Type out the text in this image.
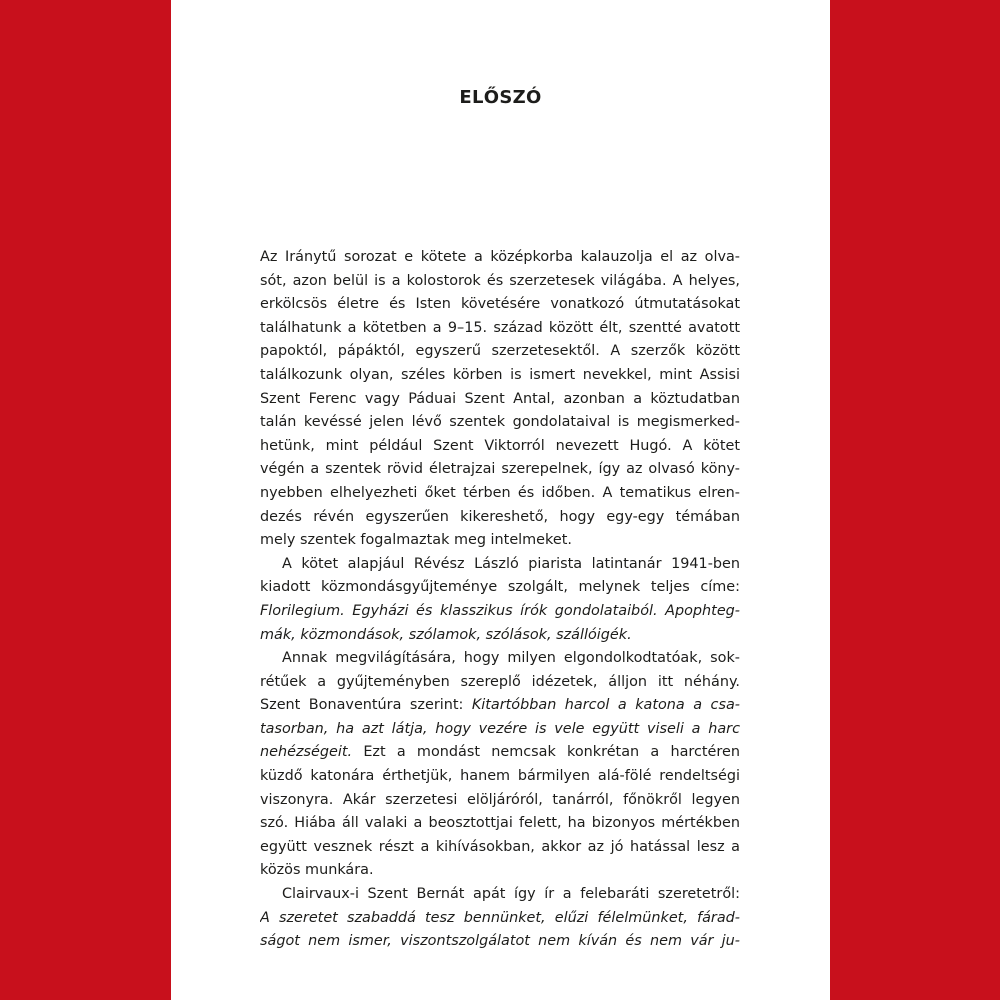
ELŐSZÓ
Az Iránytű sorozat e kötete a középkorba kalauzolja el az olva-
sót, azon belül is a kolostorok és szerzetesek világába. A helyes,
erkölcsös életre és Isten követésére vonatkozó útmutatásokat
találhatunk a kötetben a 9–15. század között élt, szentté avatott
papoktól, pápáktól, egyszerű szerzetesektől. A szerzők között
találkozunk olyan, széles körben is ismert nevekkel, mint Assisi
Szent Ferenc vagy Páduai Szent Antal, azonban a köztudatban
talán kevéssé jelen lévő szentek gondolataival is megismerked-
hetünk, mint például Szent Viktorról nevezett Hugó. A kötet
végén a szentek rövid életrajzai szerepelnek, így az olvasó köny-
nyebben elhelyezheti őket térben és időben. A tematikus elren-
dezés révén egyszerűen kikereshető, hogy egy-egy témában
mely szentek fogalmaztak meg intelmeket.
A kötet alapjául Révész László piarista latintanár 1941-ben
kiadott közmondásgyűjteménye szolgált, melynek teljes címe:
Florilegium. Egyházi és klasszikus írók gondolataiból. Apophteg-
mák, közmondások, szólamok, szólások, szállóigék.
Annak megvilágítására, hogy milyen elgondolkodtatóak, sok-
rétűek a gyűjteményben szereplő idézetek, álljon itt néhány.
Szent Bonaventúra szerint: Kitartóbban harcol a katona a csa-
tasorban, ha azt látja, hogy vezére is vele együtt viseli a harc
nehézségeit. Ezt a mondást nemcsak konkrétan a harctéren
küzdő katonára érthetjük, hanem bármilyen alá-fölé rendeltségi
viszonyra. Akár szerzetesi elöljáróról, tanárról, főnökről legyen
szó. Hiába áll valaki a beosztottjai felett, ha bizonyos mértékben
együtt vesznek részt a kihívásokban, akkor az jó hatással lesz a
közös munkára.
Clairvaux-i Szent Bernát apát így ír a felebaráti szeretetről:
A szeretet szabaddá tesz bennünket, elűzi félelmünket, fárad-
ságot nem ismer, viszontszolgálatot nem kíván és nem vár ju-
